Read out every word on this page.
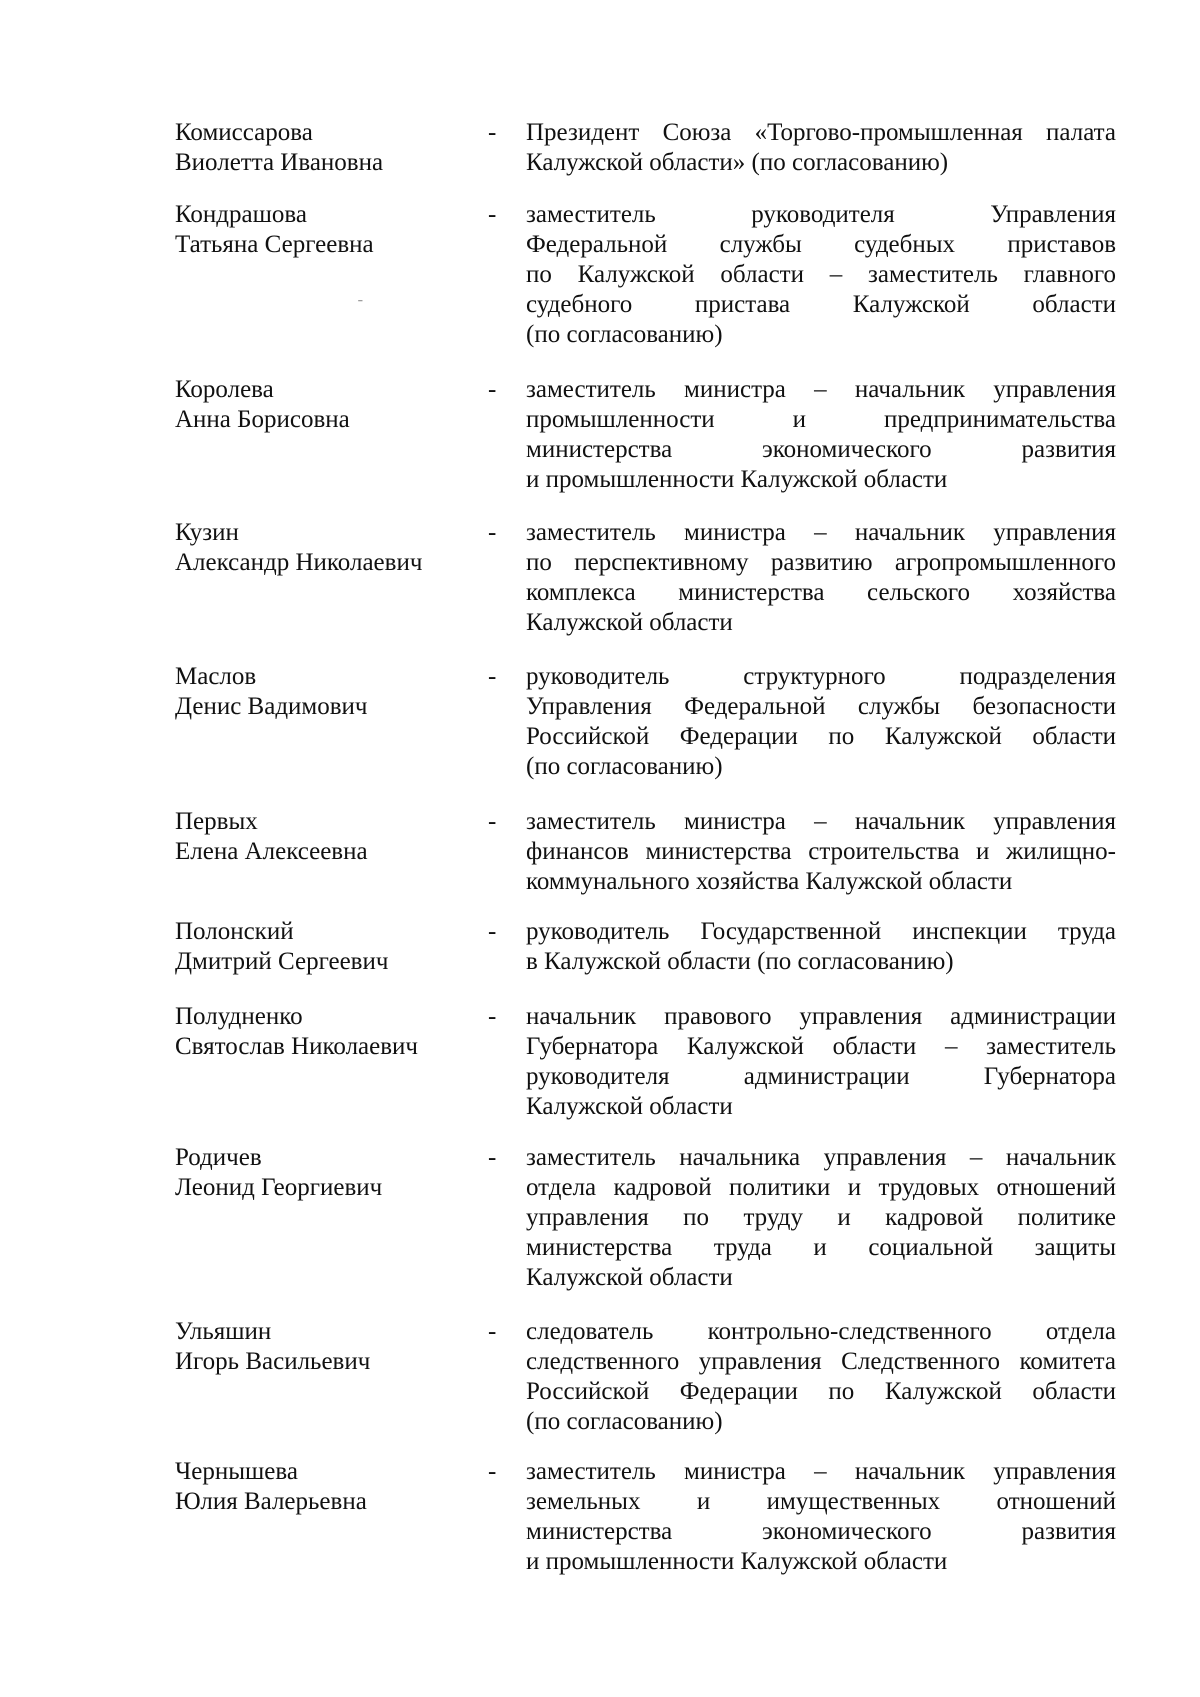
Комиссарова
Виолетта Ивановна
- Президент Союза «Торгово-промышленная палата
Калужской области» (по согласованию)
Кондрашова
Татьяна Сергеевна
- заместитель руководителя Управления
Федеральной службы судебных приставов
по Калужской области – заместитель главного
судебного пристава Калужской области
(по согласованию)
Королева
Анна Борисовна
- заместитель министра – начальник управления
промышленности и предпринимательства
министерства экономического развития
и промышленности Калужской области
Кузин
Александр Николаевич
- заместитель министра – начальник управления
по перспективному развитию агропромышленного
комплекса министерства сельского хозяйства
Калужской области
Маслов
Денис Вадимович
- руководитель структурного подразделения
Управления Федеральной службы безопасности
Российской Федерации по Калужской области
(по согласованию)
Первых
Елена Алексеевна
- заместитель министра – начальник управления
финансов министерства строительства и жилищно-
коммунального хозяйства Калужской области
Полонский
Дмитрий Сергеевич
- руководитель Государственной инспекции труда
в Калужской области (по согласованию)
Полудненко
Святослав Николаевич
- начальник правового управления администрации
Губернатора Калужской области – заместитель
руководителя администрации Губернатора
Калужской области
Родичев
Леонид Георгиевич
- заместитель начальника управления – начальник
отдела кадровой политики и трудовых отношений
управления по труду и кадровой политике
министерства труда и социальной защиты
Калужской области
Ульяшин
Игорь Васильевич
- следователь контрольно-следственного отдела
следственного управления Следственного комитета
Российской Федерации по Калужской области
(по согласованию)
Чернышева
Юлия Валерьевна
- заместитель министра – начальник управления
земельных и имущественных отношений
министерства экономического развития
и промышленности Калужской области
ˉ
